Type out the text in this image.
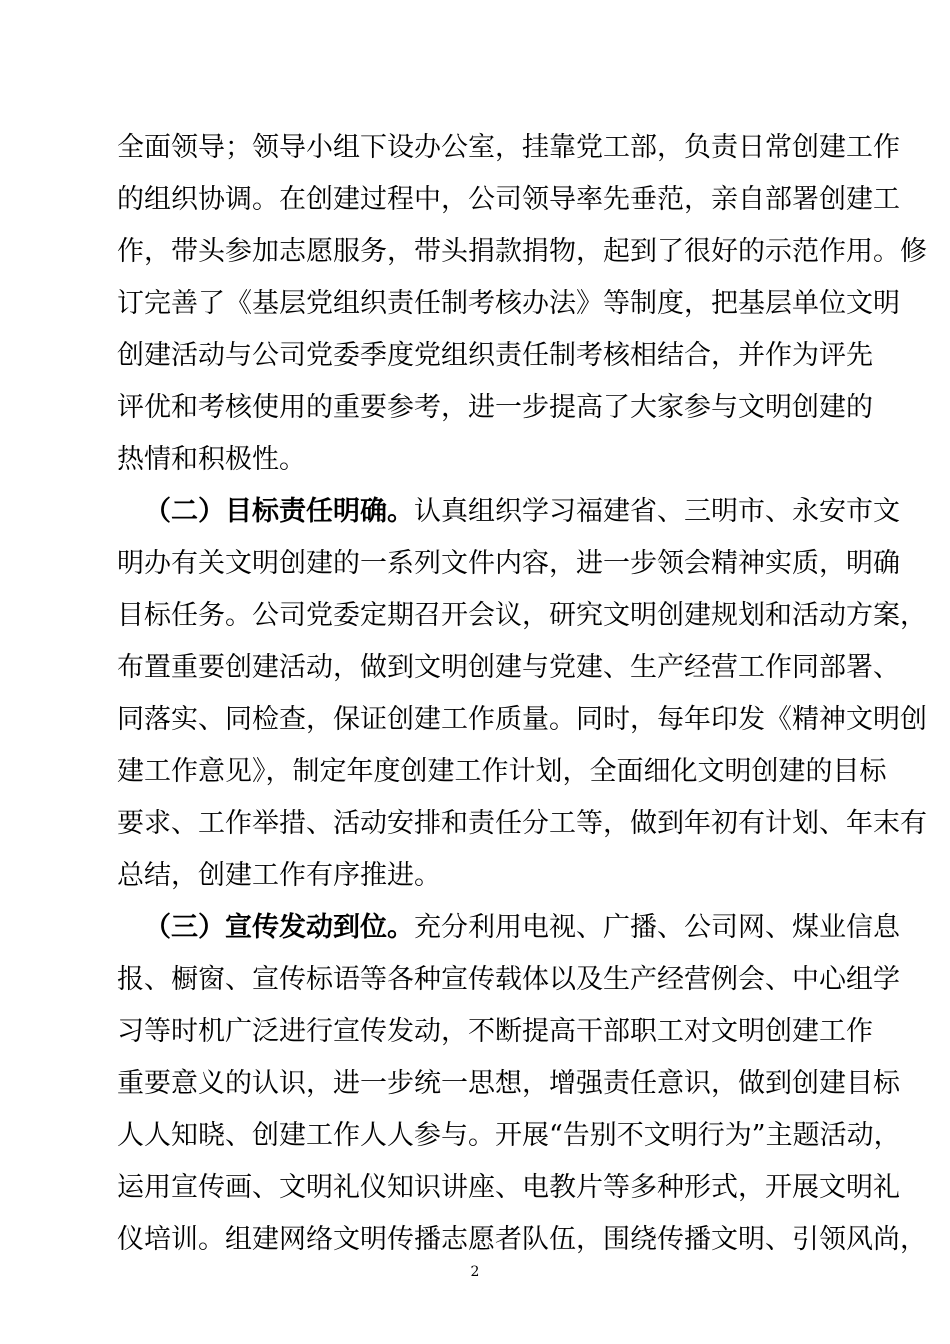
全面领导；领导小组下设办公室，挂靠党工部，负责日常创建工作
的组织协调。在创建过程中，公司领导率先垂范，亲自部署创建工
作，带头参加志愿服务，带头捐款捐物，起到了很好的示范作用。修
订完善了《基层党组织责任制考核办法》等制度，把基层单位文明
创建活动与公司党委季度党组织责任制考核相结合，并作为评先
评优和考核使用的重要参考，进一步提高了大家参与文明创建的
热情和积极性。
（二）目标责任明确。认真组织学习福建省、三明市、永安市文
明办有关文明创建的一系列文件内容，进一步领会精神实质，明确
目标任务。公司党委定期召开会议，研究文明创建规划和活动方案，
布置重要创建活动，做到文明创建与党建、生产经营工作同部署、
同落实、同检查，保证创建工作质量。同时，每年印发《精神文明创
建工作意见》，制定年度创建工作计划，全面细化文明创建的目标
要求、工作举措、活动安排和责任分工等，做到年初有计划、年末有
总结，创建工作有序推进。
（三）宣传发动到位。充分利用电视、广播、公司网、煤业信息
报、橱窗、宣传标语等各种宣传载体以及生产经营例会、中心组学
习等时机广泛进行宣传发动，不断提高干部职工对文明创建工作
重要意义的认识，进一步统一思想，增强责任意识，做到创建目标
人人知晓、创建工作人人参与。开展“告别不文明行为”主题活动，
运用宣传画、文明礼仪知识讲座、电教片等多种形式，开展文明礼
仪培训。组建网络文明传播志愿者队伍，围绕传播文明、引领风尚，
2
